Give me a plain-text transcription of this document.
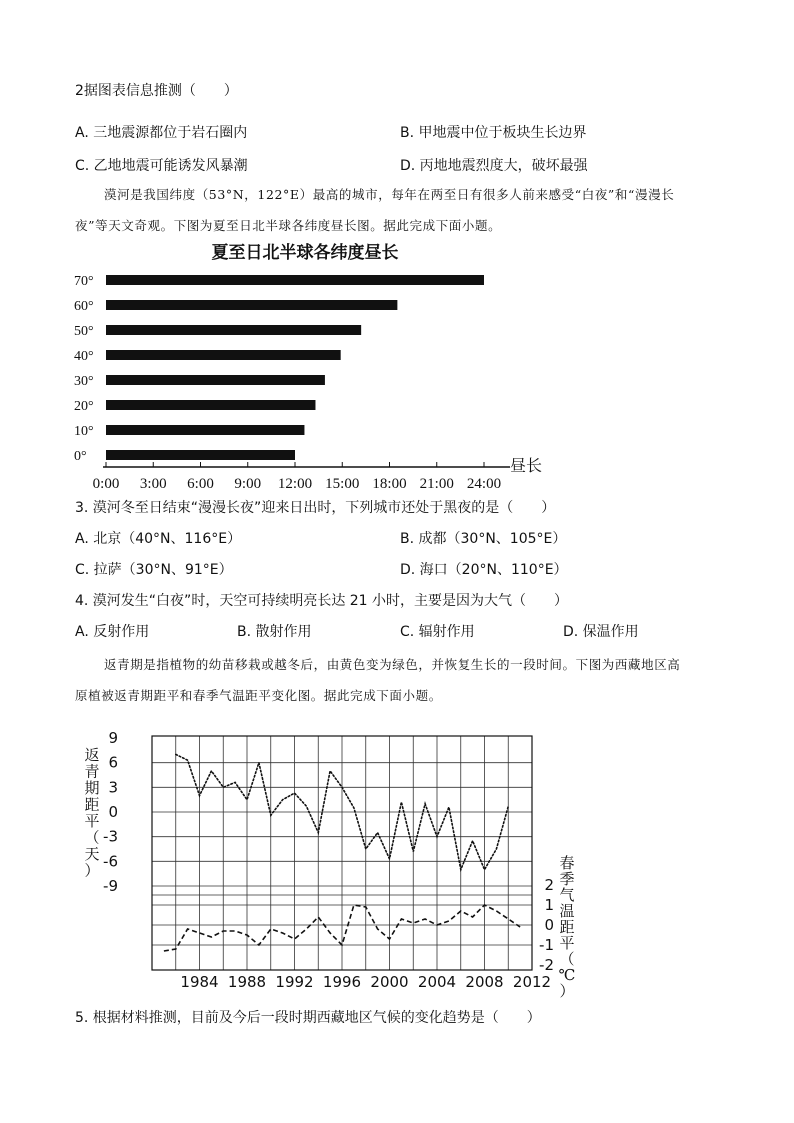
2据图表信息推测（　　）
A. 三地震源都位于岩石圈内	B. 甲地震中位于板块生长边界
C. 乙地地震可能诱发风暴潮	D. 丙地地震烈度大，破坏最强
漠河是我国纬度（53°N，122°E）最高的城市，每年在两至日有很多人前来感受“白夜”和“漫漫长
夜”等天文奇观。下图为夏至日北半球各纬度昼长图。据此完成下面小题。
夏至日北半球各纬度昼长
0°
10°
20°
30°
40°
50°
60°
70°
0:00 3:00 6:00 9:00 12:00 15:00 18:00 21:00 24:00
昼长
3. 漠河冬至日结束“漫漫长夜”迎来日出时，下列城市还处于黑夜的是（　　）
A. 北京（40°N、116°E）	B. 成都（30°N、105°E）
C. 拉萨（30°N、91°E）	D. 海口（20°N、110°E）
4. 漠河发生“白夜”时，天空可持续明亮长达 21 小时，主要是因为大气（　　）
A. 反射作用	B. 散射作用	C. 辐射作用	D. 保温作用
返青期是指植物的幼苗移栽或越冬后，由黄色变为绿色，并恢复生长的一段时间。下图为西藏地区高
原植被返青期距平和春季气温距平变化图。据此完成下面小题。
9
6
3
0
-3
-6
-9	2
1
0
-1
-2
1984 1988 1992 1996 2000 2004 2008 2012
返青期距平（天）	春季气温距平（℃）
5. 根据材料推测，目前及今后一段时期西藏地区气候的变化趋势是（　　）
